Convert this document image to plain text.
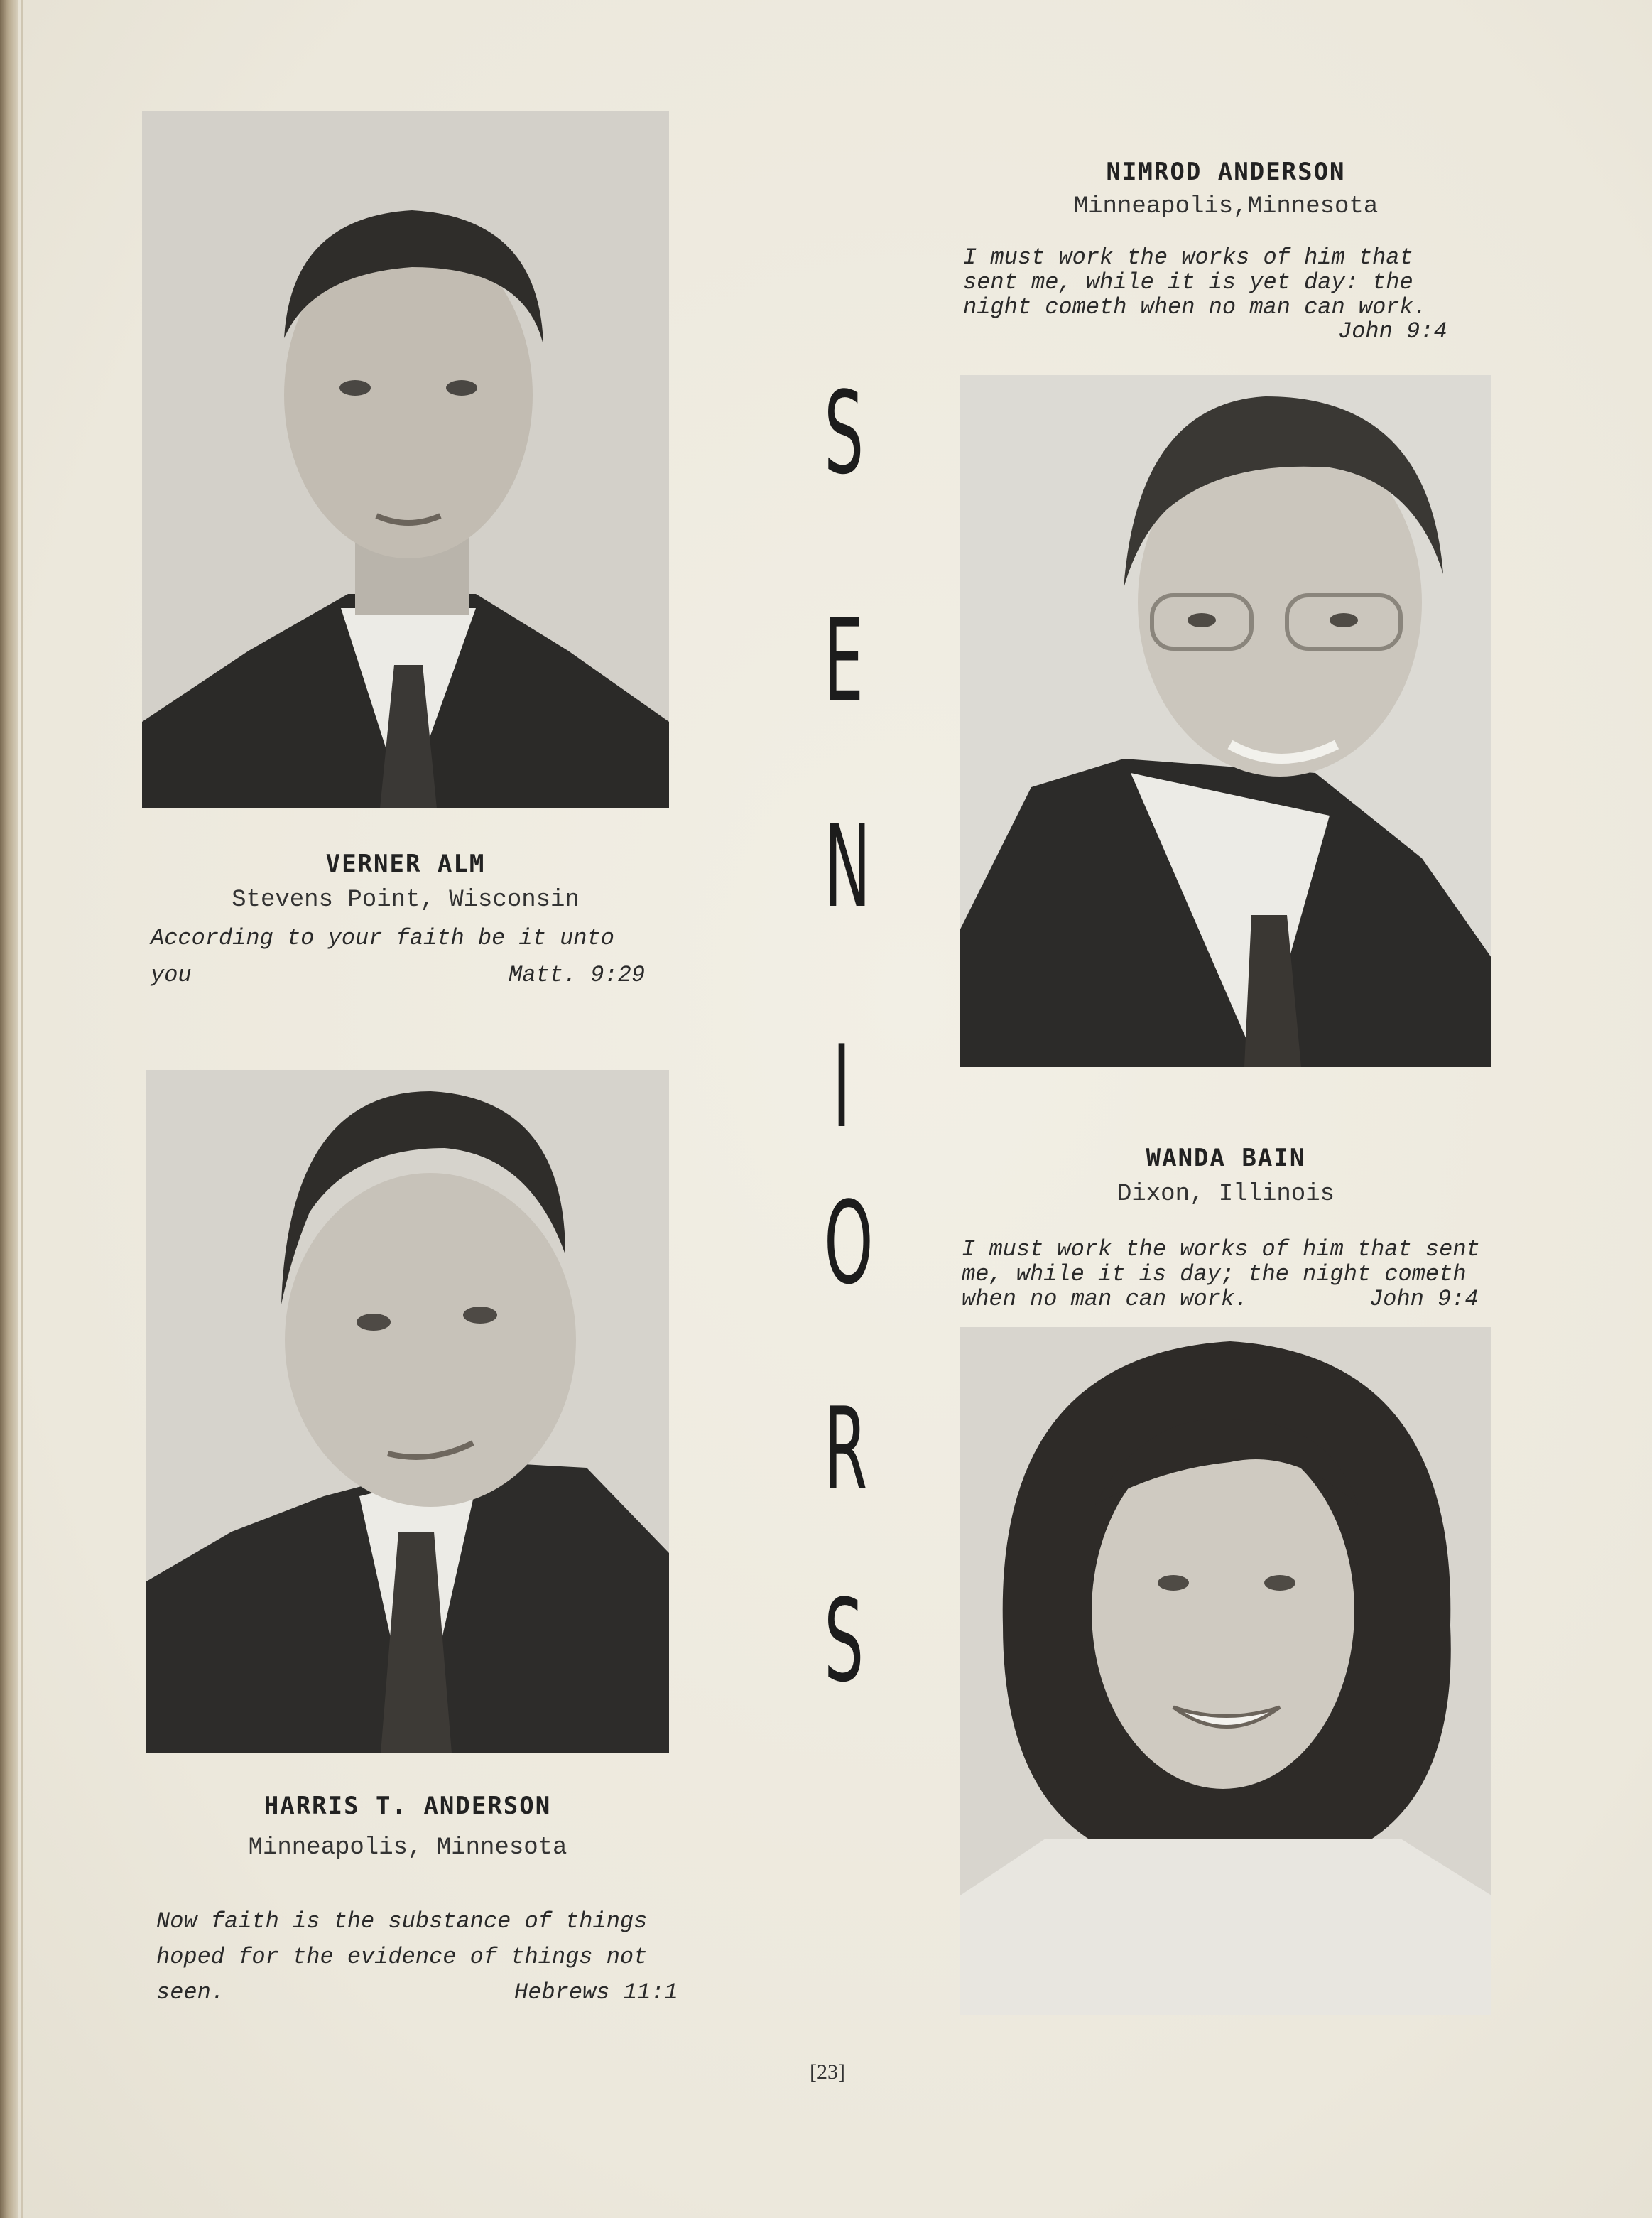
VERNER ALM
Stevens Point, Wisconsin
According to your faith be it unto
you	Matt. 9:29
HARRIS T. ANDERSON
Minneapolis, Minnesota
Now faith is the substance of things
hoped for the evidence of things not
seen.	Hebrews 11:1
NIMROD ANDERSON
Minneapolis,Minnesota
I must work the works of him that
sent me, while it is yet day: the
night cometh when no man can work.
John 9:4
WANDA BAIN
Dixon, Illinois
I must work the works of him that sent
me, while it is day; the night cometh
when no man can work.	John 9:4
S
E
N
I
O
R
S
[23]
